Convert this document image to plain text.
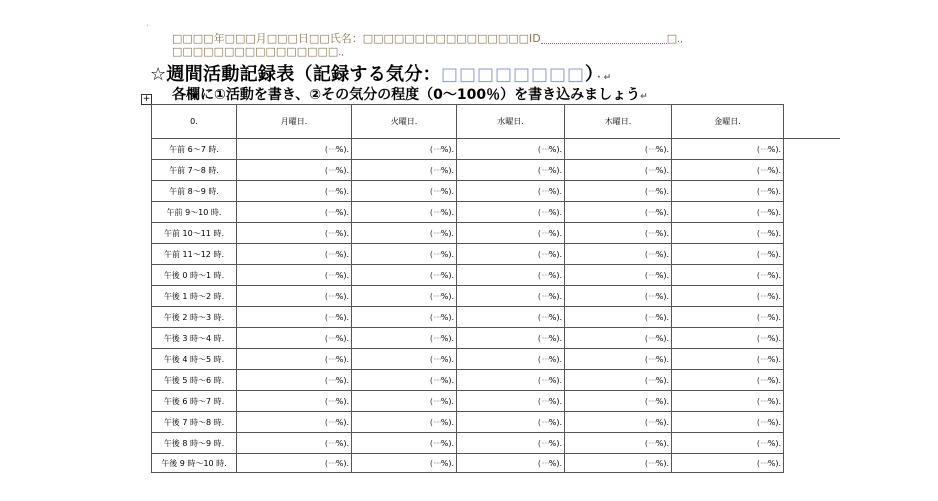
'
□□□□年□□□月□□□日□□氏名：□□□□□□□□□□□□□□□□ID	□.,
□□□□□□□□□□□□□□□□.,
☆週間活動記録表（記録する気分：□□□□□□□□）・↵
各欄に①活動を書き、②その気分の程度（0〜100％）を書き込みましょう↵
+
0.	月曜日.	火曜日.	水曜日.	木曜日.	金曜日.	
午前 6〜7 時.	(·····%).	(·····%).	(·····%).	(·····%).	(·····%).	
午前 7〜8 時.	(·····%).	(·····%).	(·····%).	(·····%).	(·····%).	
午前 8〜9 時.	(·····%).	(·····%).	(·····%).	(·····%).	(·····%).	
午前 9〜10 時.	(·····%).	(·····%).	(·····%).	(·····%).	(·····%).	
午前 10〜11 時.	(·····%).	(·····%).	(·····%).	(·····%).	(·····%).	
午前 11〜12 時.	(·····%).	(·····%).	(·····%).	(·····%).	(·····%).	
午後 0 時〜1 時.	(·····%).	(·····%).	(·····%).	(·····%).	(·····%).	
午後 1 時〜2 時.	(·····%).	(·····%).	(·····%).	(·····%).	(·····%).	
午後 2 時〜3 時.	(·····%).	(·····%).	(·····%).	(·····%).	(·····%).	
午後 3 時〜4 時.	(·····%).	(·····%).	(·····%).	(·····%).	(·····%).	
午後 4 時〜5 時.	(·····%).	(·····%).	(·····%).	(·····%).	(·····%).	
午後 5 時〜6 時.	(·····%).	(·····%).	(·····%).	(·····%).	(·····%).	
午後 6 時〜7 時.	(·····%).	(·····%).	(·····%).	(·····%).	(·····%).	
午後 7 時〜8 時.	(·····%).	(·····%).	(·····%).	(·····%).	(·····%).	
午後 8 時〜9 時.	(·····%).	(·····%).	(·····%).	(·····%).	(·····%).	
午後 9 時〜10 時.	(·····%).	(·····%).	(·····%).	(·····%).	(·····%).	
